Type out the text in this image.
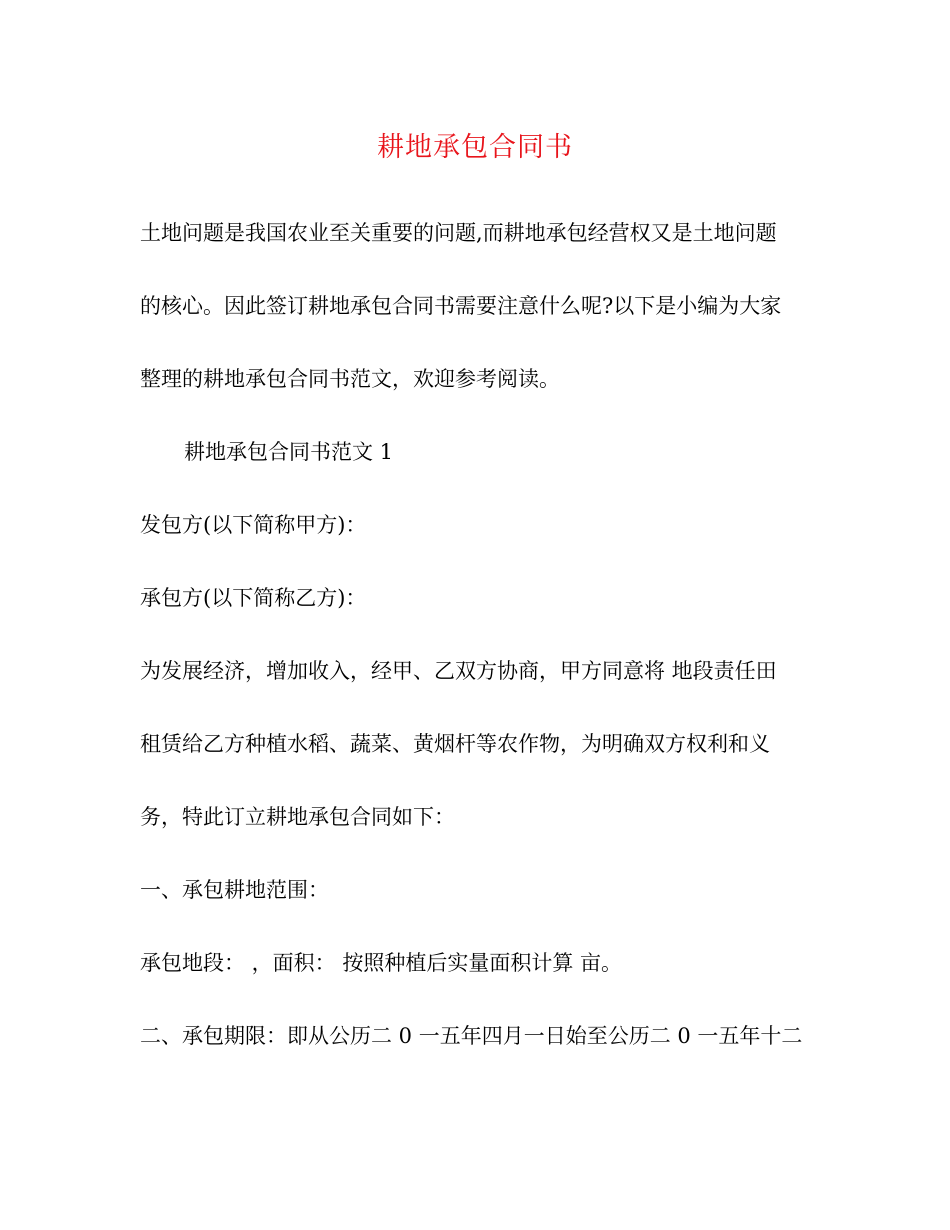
耕地承包合同书
土地问题是我国农业至关重要的问题,而耕地承包经营权又是土地问题
的核心。因此签订耕地承包合同书需要注意什么呢?以下是小编为大家
整理的耕地承包合同书范文，欢迎参考阅读。
耕地承包合同书范文 1
发包方(以下简称甲方)：
承包方(以下简称乙方)：
为发展经济，增加收入，经甲、乙双方协商，甲方同意将 地段责任田
租赁给乙方种植水稻、蔬菜、黄烟杆等农作物，为明确双方权利和义
务，特此订立耕地承包合同如下：
一、承包耕地范围：
承包地段： ，面积： 按照种植后实量面积计算 亩。
二、承包期限：即从公历二 0 一五年四月一日始至公历二 0 一五年十二
